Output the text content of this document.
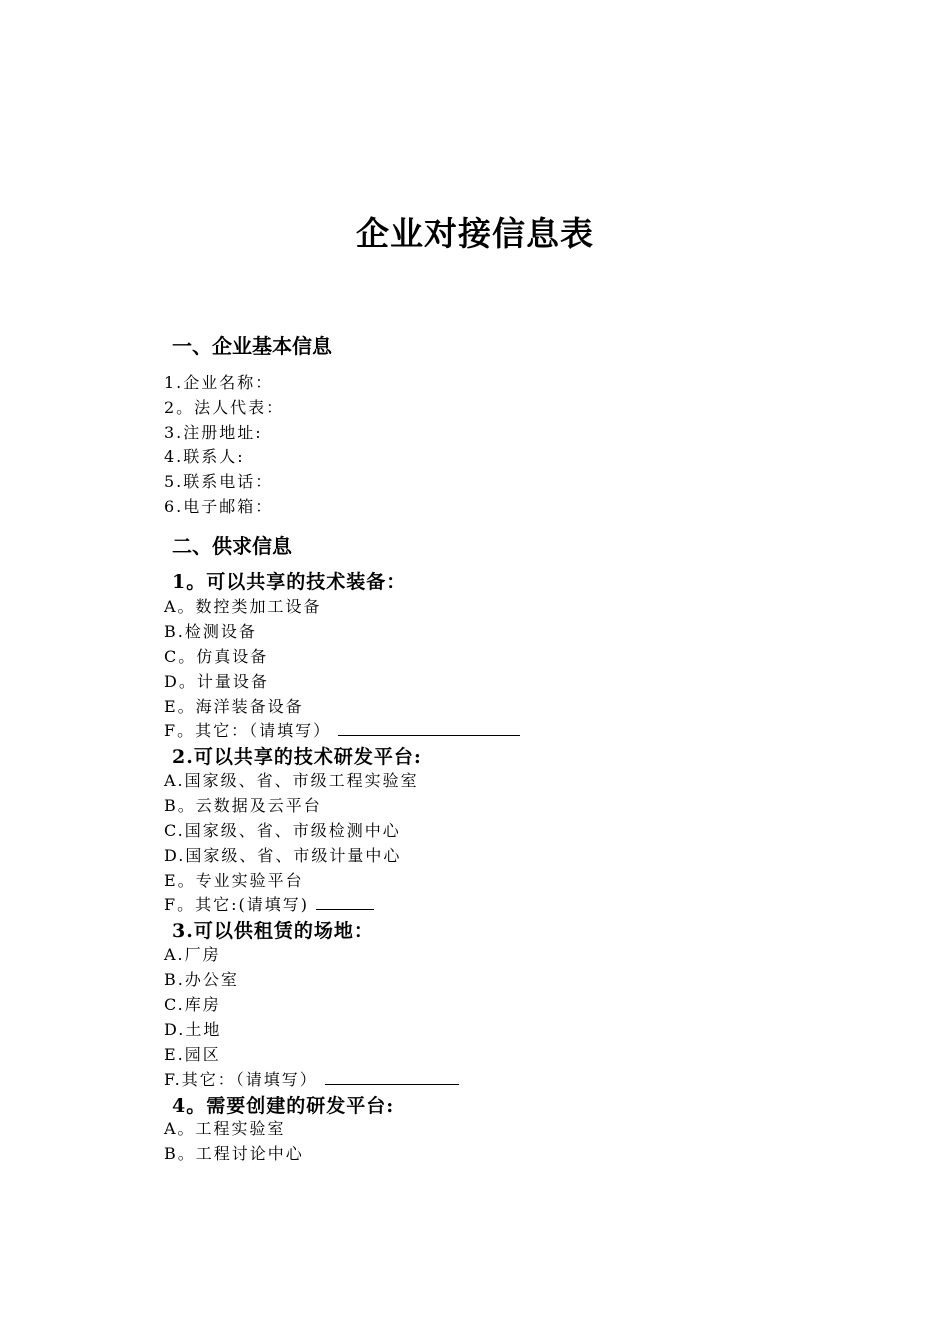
企业对接信息表
一、企业基本信息
1.企业名称：
2。法人代表：
3.注册地址:
4.联系人:
5.联系电话：
6.电子邮箱：
二、供求信息
1。可以共享的技术装备：
A。数控类加工设备
B.检测设备
C。仿真设备
D。计量设备
E。海洋装备设备
F。其它：（请填写）
2.可以共享的技术研发平台:
A.国家级、省、市级工程实验室
B。云数据及云平台
C.国家级、省、市级检测中心
D.国家级、省、市级计量中心
E。专业实验平台
F。其它:(请填写)
3.可以供租赁的场地：
A.厂房
B.办公室
C.库房
D.土地
E.园区
F.其它：（请填写）
4。需要创建的研发平台:
A。工程实验室
B。工程讨论中心
